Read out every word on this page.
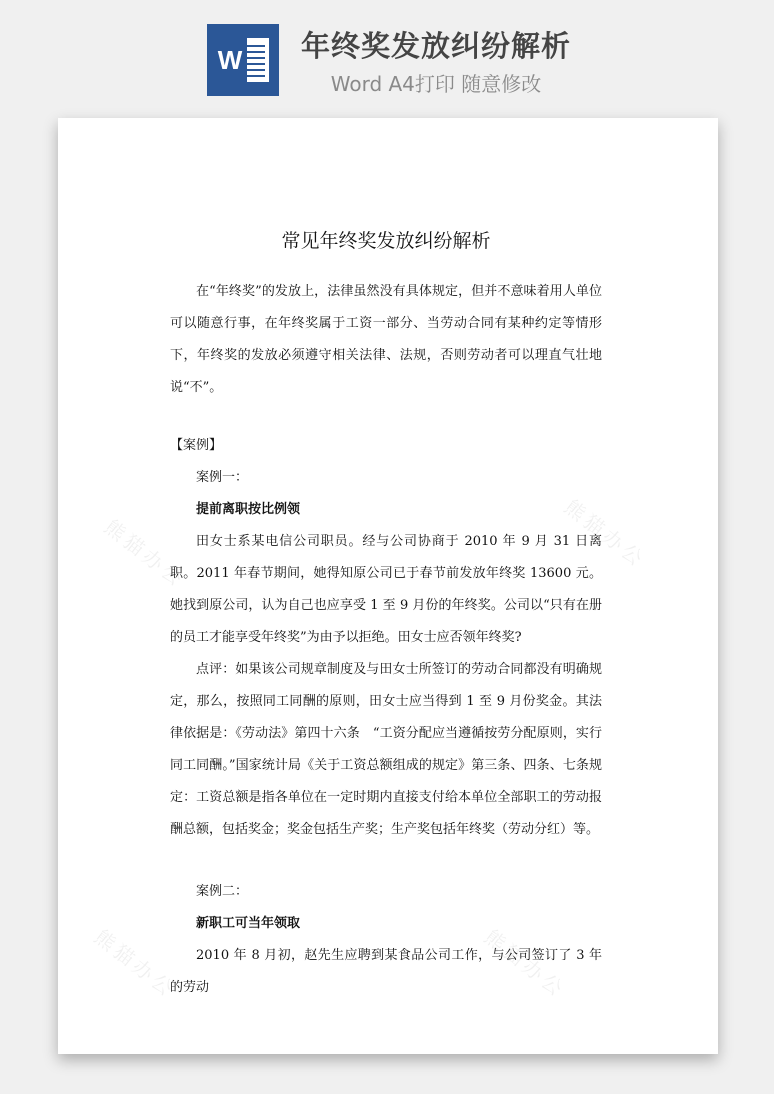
W 年终奖发放纠纷解析
Word A4打印 随意修改
熊猫办公	熊猫办公
熊猫办公	熊猫办公
常见年终奖发放纠纷解析

在“年终奖”的发放上，法律虽然没有具体规定，但并不意味着用人单位可以随意行事，在年终奖属于工资一部分、当劳动合同有某种约定等情形下，年终奖的发放必须遵守相关法律、法规，否则劳动者可以理直气壮地说“不”。

【案例】

案例一：

提前离职按比例领

田女士系某电信公司职员。经与公司协商于 2010 年 9 月 31 日离职。2011 年春节期间，她得知原公司已于春节前发放年终奖 13600 元。她找到原公司，认为自己也应享受 1 至 9 月份的年终奖。公司以“只有在册的员工才能享受年终奖”为由予以拒绝。田女士应否领年终奖?

点评：如果该公司规章制度及与田女士所签订的劳动合同都没有明确规定，那么，按照同工同酬的原则，田女士应当得到 1 至 9 月份奖金。其法律依据是：《劳动法》第四十六条　“工资分配应当遵循按劳分配原则，实行同工同酬。”国家统计局《关于工资总额组成的规定》第三条、四条、七条规定：工资总额是指各单位在一定时期内直接支付给本单位全部职工的劳动报酬总额，包括奖金；奖金包括生产奖；生产奖包括年终奖（劳动分红）等。

案例二：

新职工可当年领取

2010 年 8 月初，赵先生应聘到某食品公司工作，与公司签订了 3 年的劳动
